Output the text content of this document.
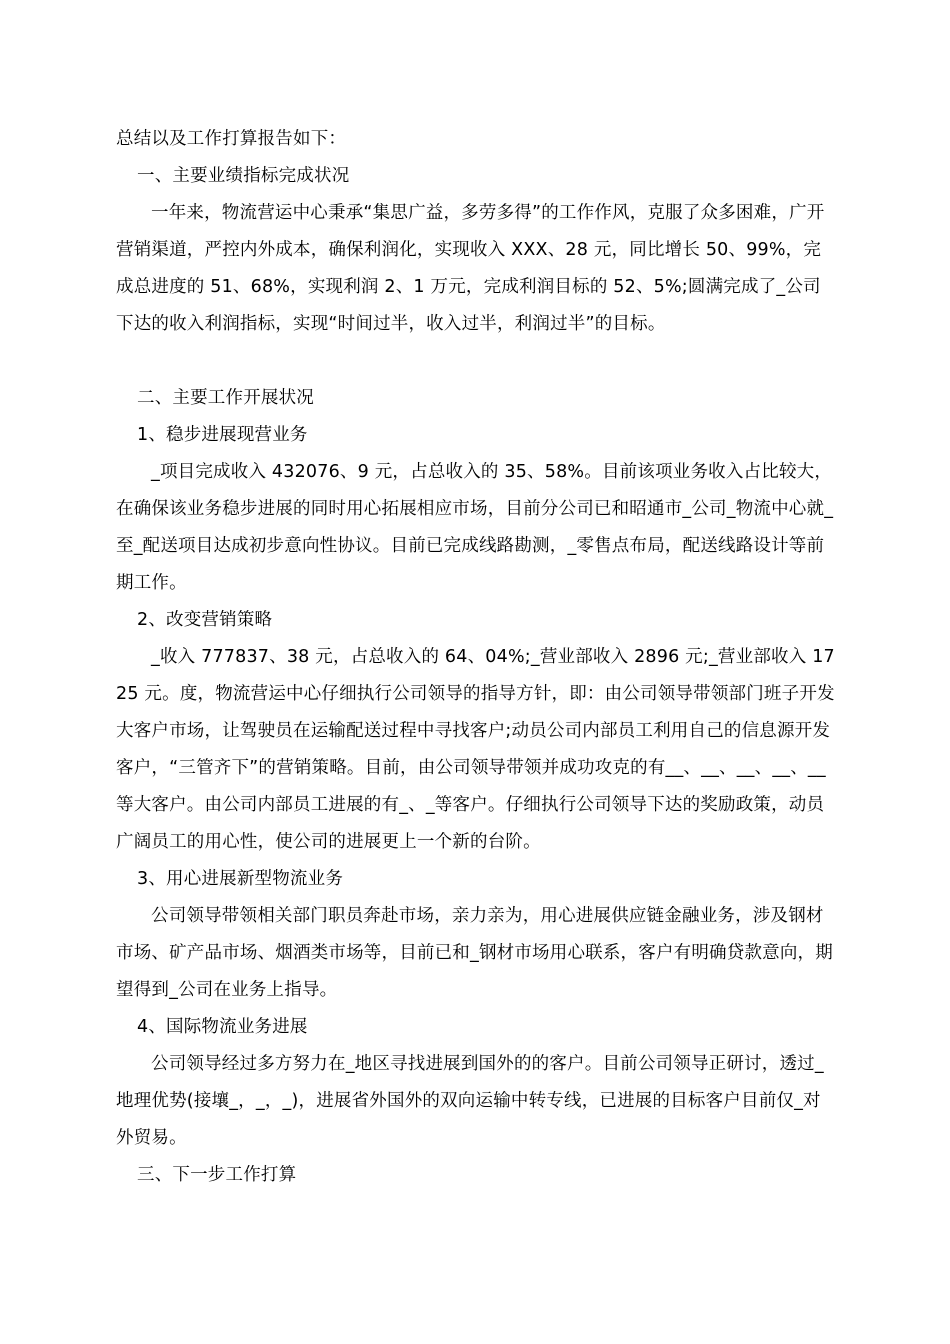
总结以及工作打算报告如下：

一、主要业绩指标完成状况

一年来，物流营运中心秉承“集思广益，多劳多得”的工作作风，克服了众多困难，广开营销渠道，严控内外成本，确保利润化，实现收入 XXX、28 元，同比增长 50、99%，完成总进度的 51、68%，实现利润 2、1 万元，完成利润目标的 52、5%;圆满完成了_公司下达的收入利润指标，实现“时间过半，收入过半，利润过半”的目标。

二、主要工作开展状况

1、稳步进展现营业务

_项目完成收入 432076、9 元，占总收入的 35、58%。目前该项业务收入占比较大，在确保该业务稳步进展的同时用心拓展相应市场，目前分公司已和昭通市_公司_物流中心就_至_配送项目达成初步意向性协议。目前已完成线路勘测，_零售点布局，配送线路设计等前期工作。

2、改变营销策略

_收入 777837、38 元，占总收入的 64、04%;_营业部收入 2896 元;_营业部收入 1725 元。度，物流营运中心仔细执行公司领导的指导方针，即：由公司领导带领部门班子开发大客户市场，让驾驶员在运输配送过程中寻找客户;动员公司内部员工利用自己的信息源开发客户，“三管齐下”的营销策略。目前，由公司领导带领并成功攻克的有__、__、__、__、__等大客户。由公司内部员工进展的有_、_等客户。仔细执行公司领导下达的奖励政策，动员广阔员工的用心性，使公司的进展更上一个新的台阶。

3、用心进展新型物流业务

公司领导带领相关部门职员奔赴市场，亲力亲为，用心进展供应链金融业务，涉及钢材市场、矿产品市场、烟酒类市场等，目前已和_钢材市场用心联系，客户有明确贷款意向，期望得到_公司在业务上指导。

4、国际物流业务进展

公司领导经过多方努力在_地区寻找进展到国外的的客户。目前公司领导正研讨，透过_地理优势(接壤_，_，_)，进展省外国外的双向运输中转专线，已进展的目标客户目前仅_对外贸易。

三、下一步工作打算
